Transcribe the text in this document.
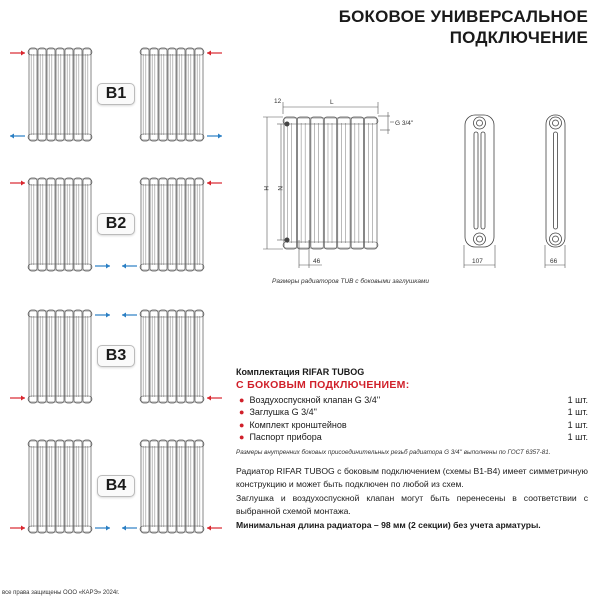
БОКОВОЕ УНИВЕРСАЛЬНОЕ
ПОДКЛЮЧЕНИЕ
B1
B2
B3
B4
12	L
H N
46
G 3/4''
107	66
Размеры радиаторов TUB с боковыми заглушками
Комплектация RIFAR TUBOG
С БОКОВЫМ ПОДКЛЮЧЕНИЕМ:
● Воздухоспускной клапан G 3/4''	1 шт.
● Заглушка G 3/4''	1 шт.
● Комплект кронштейнов	1 шт.
● Паспорт прибора	1 шт.
Размеры внутренних боковых присоединительных резьб радиатора G 3/4'' выполнены по ГОСТ 6357-81.
Радиатор RIFAR TUBOG с боковым подключением (схемы В1-В4) имеет симметричную конструкцию и может быть подключен по любой из схем.
Заглушка и воздухоспускной клапан могут быть перенесены в соответствии с выбранной схемой монтажа.
Минимальная длина радиатора – 98 мм (2 секции) без учета арматуры.
все права защищены ООО «КАРЭ» 2024г.
